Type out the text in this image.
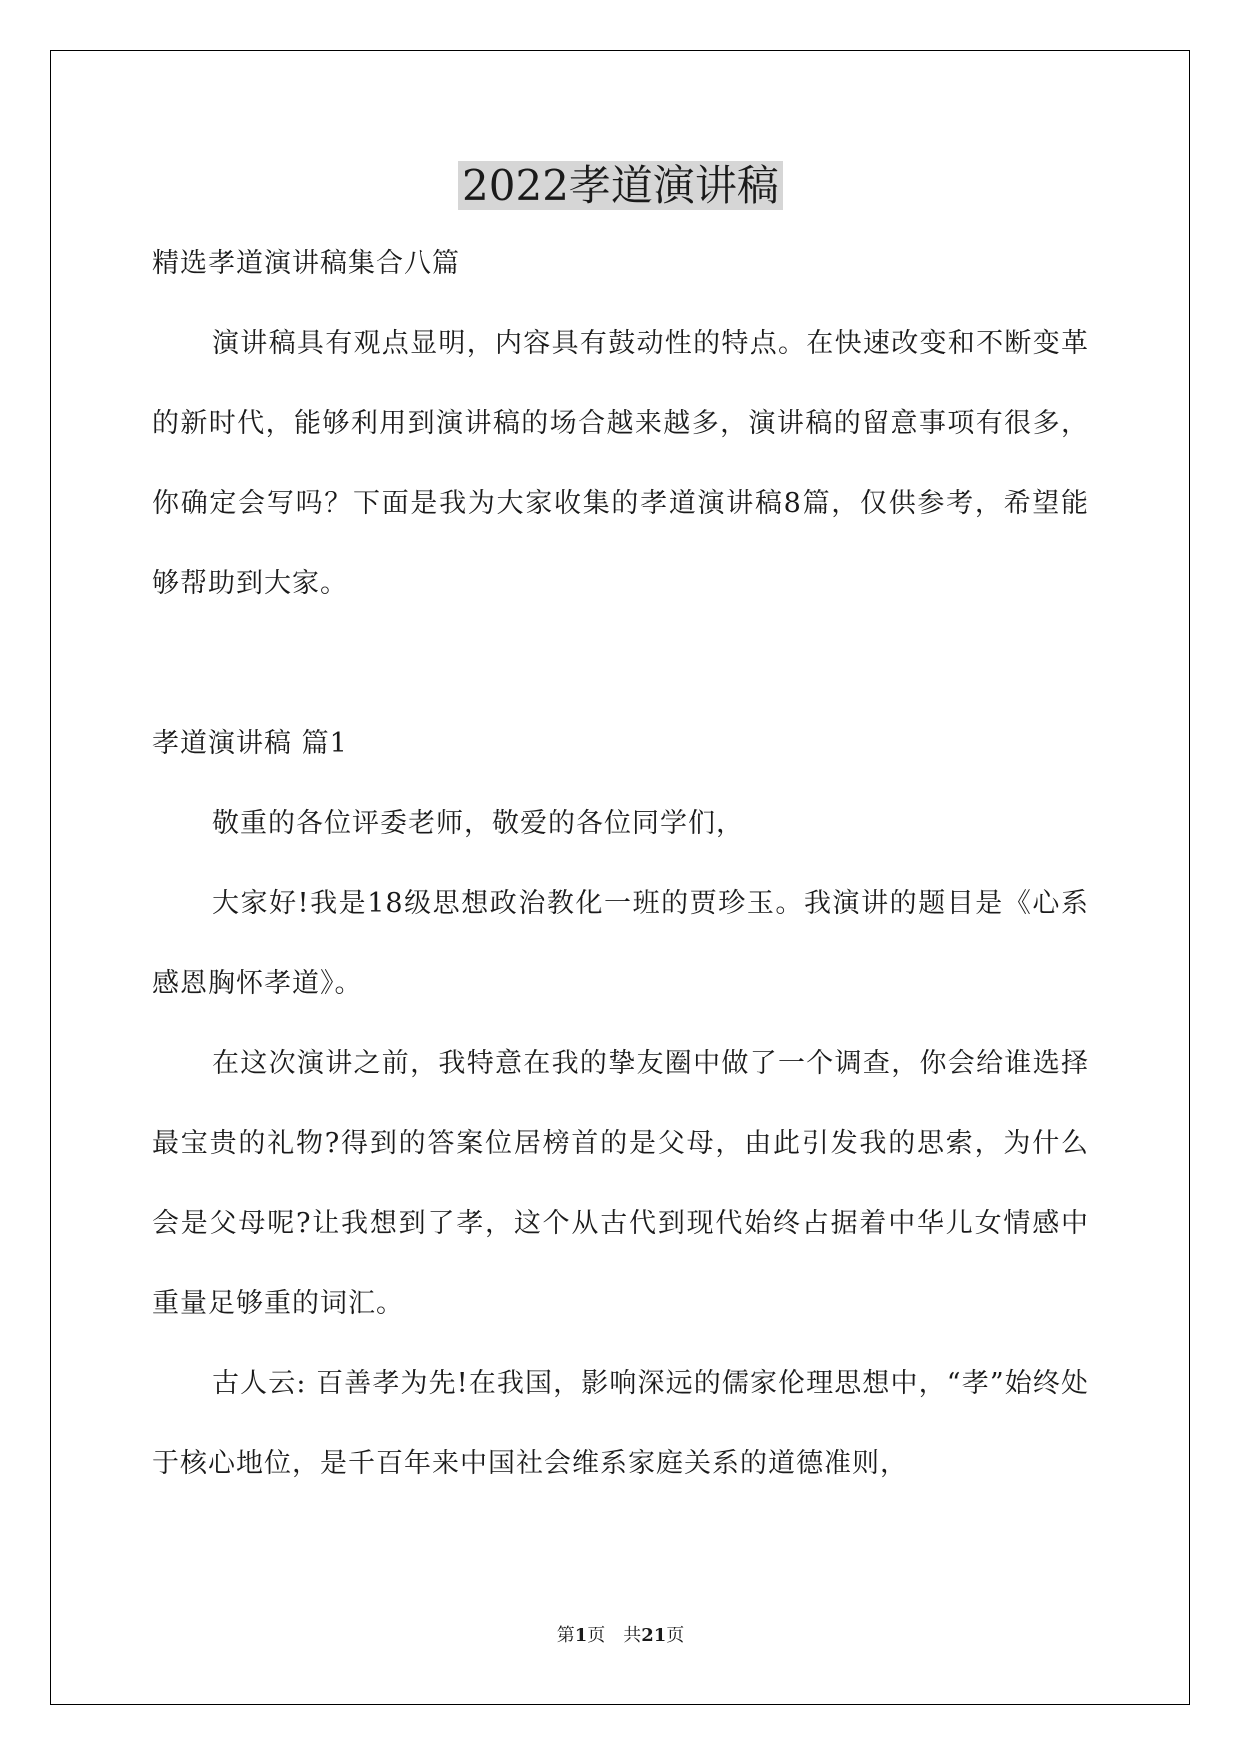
2022孝道演讲稿

精选孝道演讲稿集合八篇

演讲稿具有观点显明，内容具有鼓动性的特点。在快速改变和不断变革的新时代，能够利用到演讲稿的场合越来越多，演讲稿的留意事项有很多，你确定会写吗？下面是我为大家收集的孝道演讲稿8篇，仅供参考，希望能够帮助到大家。

孝道演讲稿 篇1

敬重的各位评委老师，敬爱的各位同学们，

大家好!我是18级思想政治教化一班的贾珍玉。我演讲的题目是《心系感恩胸怀孝道》。

在这次演讲之前，我特意在我的挚友圈中做了一个调查，你会给谁选择最宝贵的礼物?得到的答案位居榜首的是父母，由此引发我的思索，为什么会是父母呢?让我想到了孝，这个从古代到现代始终占据着中华儿女情感中重量足够重的词汇。

古人云: 百善孝为先!在我国，影响深远的儒家伦理思想中，“孝”始终处于核心地位，是千百年来中国社会维系家庭关系的道德准则，

第1页 共21页
